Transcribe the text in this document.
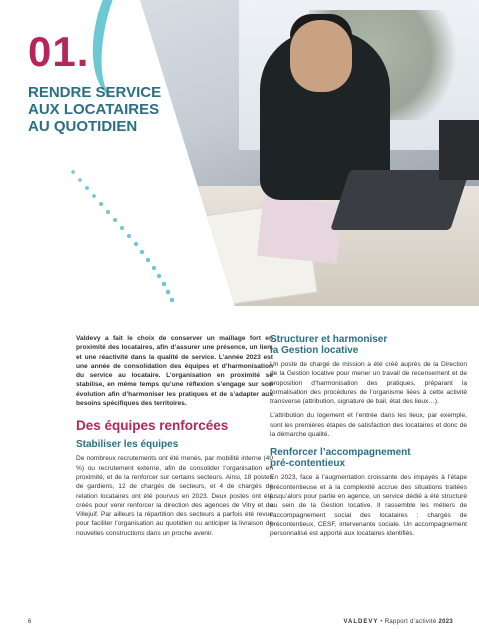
01.
RENDRE SERVICE
AUX LOCATAIRES
AU QUOTIDIEN

Valdevy a fait le choix de conserver un maillage fort en proximité des locataires, afin d’assurer une présence, un lien, et une réactivité dans la qualité de service. L’année 2023 est une année de consolidation des équipes et d’harmonisation du service au locataire. L’organisation en proximité se stabilise, en même temps qu’une réflexion s’engage sur son évolution afin d’harmoniser les pratiques et de s’adapter aux besoins spécifiques des territoires.

Des équipes renforcées
Stabiliser les équipes

De nombreux recrutements ont été menés, par mobilité interne (40 %) ou recrutement externe, afin de consolider l’organisation en proximité, et de la renforcer sur certains secteurs. Ainsi, 18 postes de gardiens, 12 de chargés de secteurs, et 4 de chargés de relation locataires ont été pourvus en 2023. Deux postes ont été créés pour venir renforcer la direction des agences de Vitry et de Villejuif. Par ailleurs la répartition des secteurs a parfois été revue pour faciliter l’organisation au quotidien ou anticiper la livraison de nouvelles constructions dans un proche avenir.

Structurer et harmoniser
la Gestion locative

Un poste de chargé de mission a été créé auprès de la Direction de la Gestion locative pour mener un travail de recensement et de proposition d’harmonisation des pratiques, préparant la formalisation des procédures de l’organisme liées à cette activité transverse (attribution, signature de bail, état des lieux…).

L’attribution du logement et l’entrée dans les lieux, par exemple, sont les premières étapes de satisfaction des locataires et donc de la démarche qualité.

Renforcer l’accompagnement
pré-contentieux

En 2023, face à l’augmentation croissante des impayés à l’étape précontentieuse et à la complexité accrue des situations traitées jusqu’alors pour partie en agence, un service dédié a été structuré au sein de la Gestion locative. Il rassemble les métiers de l’accompagnement social des locataires : chargés de précontentieux, CESF, intervenante sociale. Un accompagnement personnalisé est apporté aux locataires identifiés.

6	VALDEVY • Rapport d’activité 2023
